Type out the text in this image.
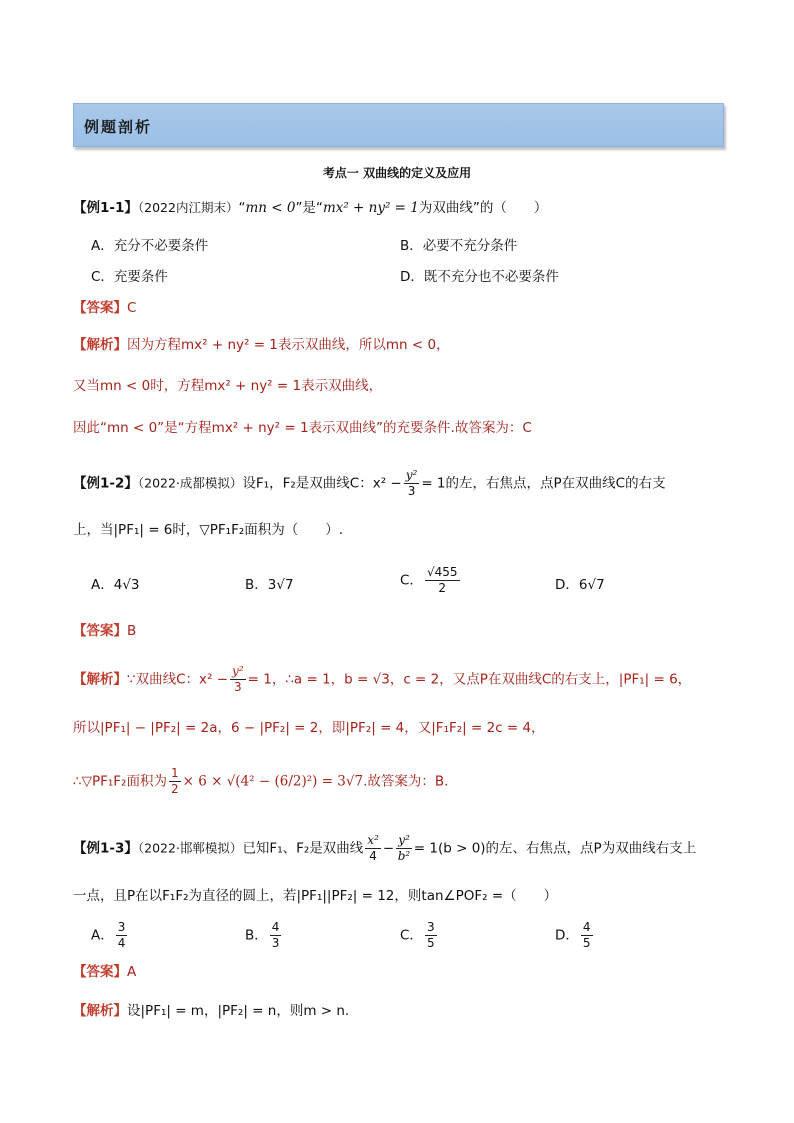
例题剖析
考点一 双曲线的定义及应用
【例1-1】（2022内江期末）“mn < 0”是“mx² + ny² = 1为双曲线”的（　　）
A．充分不必要条件	B．必要不充分条件
C．充要条件	D．既不充分也不必要条件
【答案】C
【解析】因为方程mx² + ny² = 1表示双曲线，所以mn < 0，
又当mn < 0时，方程mx² + ny² = 1表示双曲线，
因此“mn < 0”是“方程mx² + ny² = 1表示双曲线”的充要条件.故答案为：C
【例1-2】（2022·成都模拟）设F₁，F₂是双曲线C：$x^2 - \frac{\text{y²}}{3} = 1$的左，右焦点，点P在双曲线C的右支
上，当|PF₁| = 6时，▽PF₁F₂面积为（　　）.
A．4√3	B．3√7	C． $\frac{√455}{2}$	D．6√7
【答案】B
【解析】∵双曲线C：$x^2 - \frac{\text{y²}}{3} = 1$，∴a = 1，b = √3，c = 2，又点P在双曲线C的右支上，|PF₁| = 6，
所以|PF₁| − |PF₂| = 2a，6 − |PF₂| = 2，即|PF₂| = 4，又|F₁F₂| = 2c = 4，
∴▽PF₁F₂面积为 $\frac{1}{2} \times 6 \times √(4^2 - (6/2)^2) = 3√7$.故答案为：B.
【例1-3】（2022·邯郸模拟）已知F₁、F₂是双曲线 $\frac{\text{x²}}{4} - \frac{\text{y²}}{\text{b²}} = 1(b > 0)$的左、右焦点，点P为双曲线右支上
一点，且P在以F₁F₂为直径的圆上，若|PF₁||PF₂| = 12，则tan∠POF₂ =（　　）
A． $\frac{3}{4}$	B． $\frac{4}{3}$	C． $\frac{3}{5}$	D． $\frac{4}{5}$
【答案】A
【解析】设|PF₁| = m，|PF₂| = n，则m > n.
